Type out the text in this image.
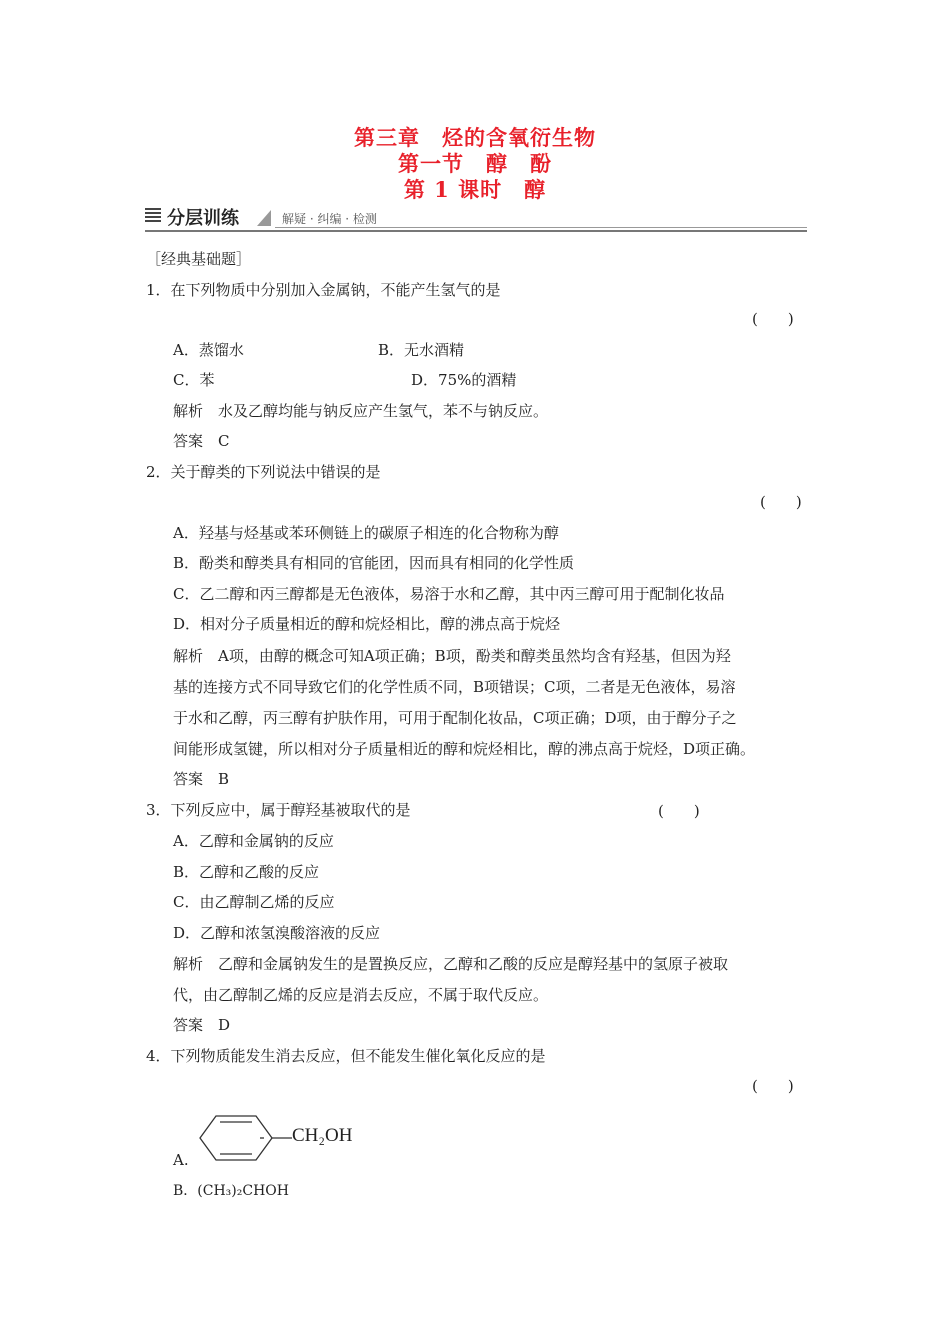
第三章　烃的含氧衍生物
第一节　醇　酚
第 1 课时　醇
分层训练	解疑 · 纠编 · 检测
［经典基础题］
1．在下列物质中分别加入金属钠，不能产生氢气的是
(　　)
A．蒸馏水	B．无水酒精
C．苯	D．75%的酒精
解析　水及乙醇均能与钠反应产生氢气，苯不与钠反应。
答案　C
2．关于醇类的下列说法中错误的是
(　　)
A．羟基与烃基或苯环侧链上的碳原子相连的化合物称为醇
B．酚类和醇类具有相同的官能团，因而具有相同的化学性质
C．乙二醇和丙三醇都是无色液体，易溶于水和乙醇，其中丙三醇可用于配制化妆品
D．相对分子质量相近的醇和烷烃相比，醇的沸点高于烷烃
解析　A项，由醇的概念可知A项正确；B项，酚类和醇类虽然均含有羟基，但因为羟
基的连接方式不同导致它们的化学性质不同，B项错误；C项，二者是无色液体，易溶
于水和乙醇，丙三醇有护肤作用，可用于配制化妆品，C项正确；D项，由于醇分子之
间能形成氢键，所以相对分子质量相近的醇和烷烃相比，醇的沸点高于烷烃，D项正确。
答案　B
3．下列反应中，属于醇羟基被取代的是	(　　)
A．乙醇和金属钠的反应
B．乙醇和乙酸的反应
C．由乙醇制乙烯的反应
D．乙醇和浓氢溴酸溶液的反应
解析　乙醇和金属钠发生的是置换反应，乙醇和乙酸的反应是醇羟基中的氢原子被取
代，由乙醇制乙烯的反应是消去反应，不属于取代反应。
答案　D
4．下列物质能发生消去反应，但不能发生催化氧化反应的是
(　　)
CH₂OH
A.
B．(CH₃)₂CHOH
